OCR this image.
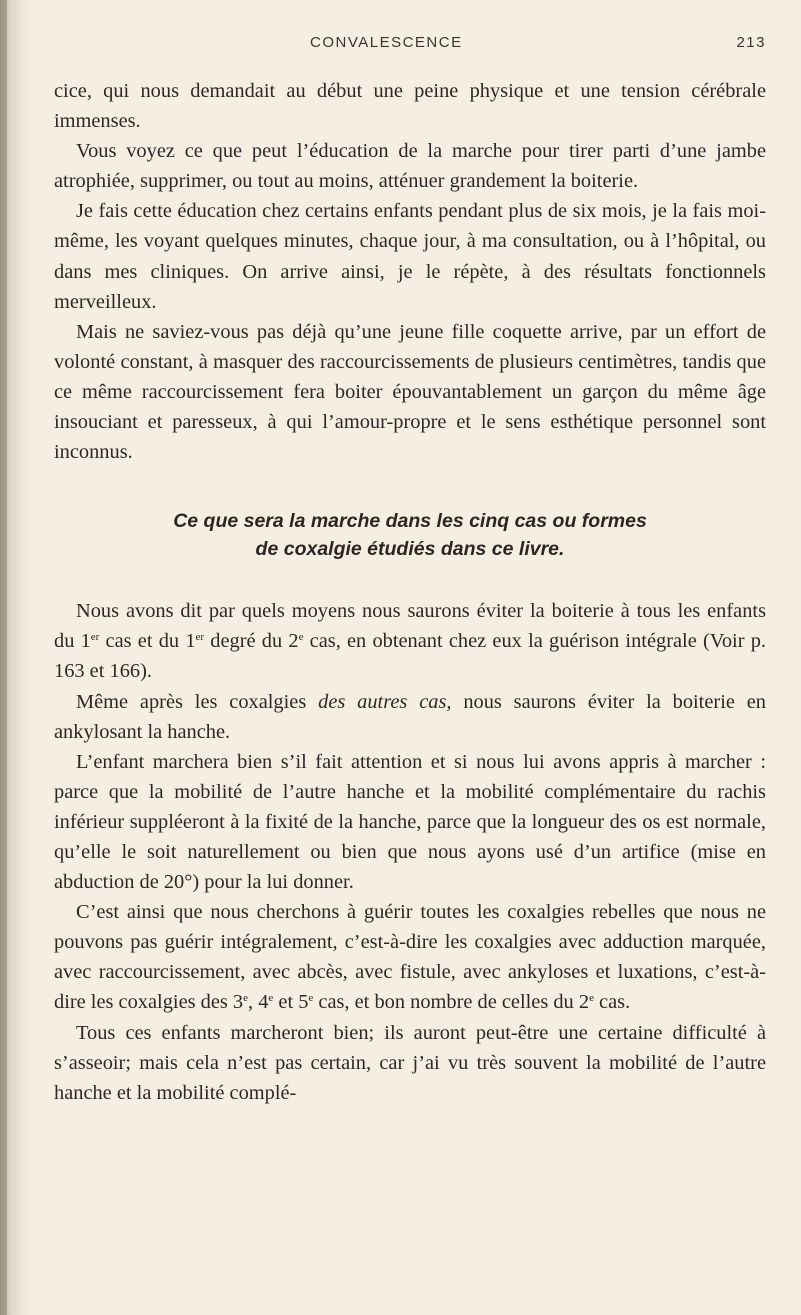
CONVALESCENCE	213

cice, qui nous demandait au début une peine physique et une tension cérébrale immenses.

Vous voyez ce que peut l’éducation de la marche pour tirer parti d’une jambe atrophiée, supprimer, ou tout au moins, atténuer grandement la boiterie.

Je fais cette éducation chez certains enfants pendant plus de six mois, je la fais moi-même, les voyant quelques minutes, chaque jour, à ma consultation, ou à l’hôpital, ou dans mes cliniques. On arrive ainsi, je le répète, à des résultats fonctionnels merveilleux.

Mais ne saviez-vous pas déjà qu’une jeune fille coquette arrive, par un effort de volonté constant, à masquer des raccourcissements de plusieurs centimètres, tandis que ce même raccourcissement fera boiter épouvantablement un garçon du même âge insouciant et paresseux, à qui l’amour-propre et le sens esthétique personnel sont inconnus.

Ce que sera la marche dans les cinq cas ou formes
de coxalgie étudiés dans ce livre.

Nous avons dit par quels moyens nous saurons éviter la boiterie à tous les enfants du 1er cas et du 1er degré du 2e cas, en obtenant chez eux la guérison intégrale (Voir p. 163 et 166).

Même après les coxalgies des autres cas, nous saurons éviter la boiterie en ankylosant la hanche.

L’enfant marchera bien s’il fait attention et si nous lui avons appris à marcher : parce que la mobilité de l’autre hanche et la mobilité complémentaire du rachis inférieur suppléeront à la fixité de la hanche, parce que la longueur des os est normale, qu’elle le soit naturellement ou bien que nous ayons usé d’un artifice (mise en abduction de 20°) pour la lui donner.

C’est ainsi que nous cherchons à guérir toutes les coxalgies rebelles que nous ne pouvons pas guérir intégralement, c’est-à-dire les coxalgies avec adduction marquée, avec raccourcissement, avec abcès, avec fistule, avec ankyloses et luxations, c’est-à-dire les coxalgies des 3e, 4e et 5e cas, et bon nombre de celles du 2e cas.

Tous ces enfants marcheront bien; ils auront peut-être une certaine difficulté à s’asseoir; mais cela n’est pas certain, car j’ai vu très souvent la mobilité de l’autre hanche et la mobilité complé-
